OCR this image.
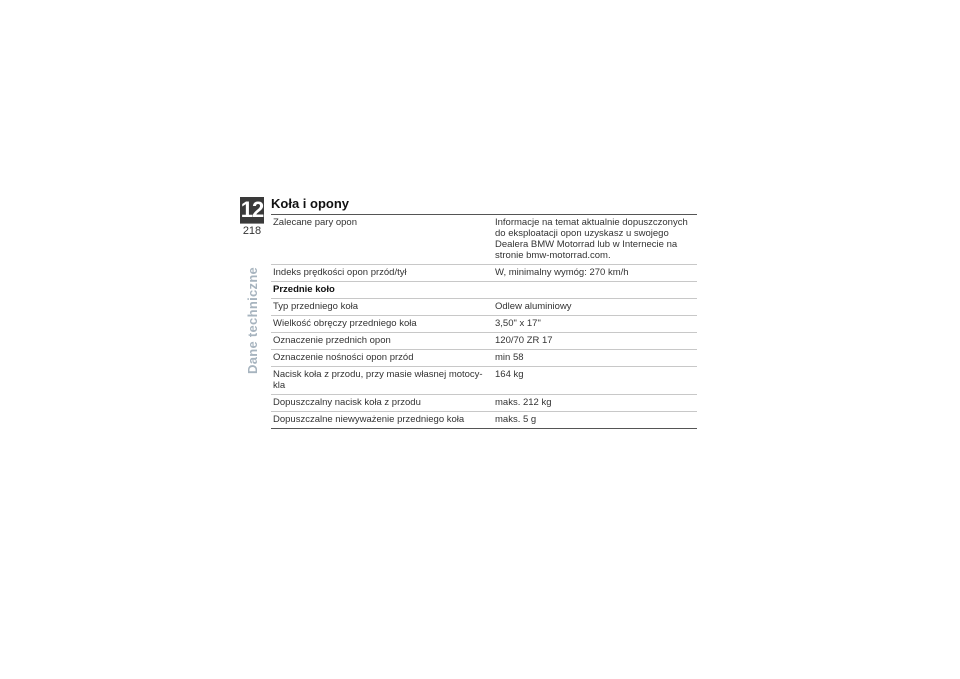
12
218
Dane techniczne
Koła i opony
Zalecane pary opon	Informacje na temat aktualnie dopuszczonych do eksploatacji opon uzyskasz u swojego Dealera BMW Motorrad lub w Internecie na stronie bmw-motorrad.com.
Indeks prędkości opon przód/tył	W, minimalny wymóg: 270 km/h
Przednie koło	
Typ przedniego koła	Odlew aluminiowy
Wielkość obręczy przedniego koła	3,50" x 17"
Oznaczenie przednich opon	120/70 ZR 17
Oznaczenie nośności opon przód	min 58
Nacisk koła z przodu, przy masie własnej motocy-kla	164 kg
Dopuszczalny nacisk koła z przodu	maks. 212 kg
Dopuszczalne niewyważenie przedniego koła	maks. 5 g
